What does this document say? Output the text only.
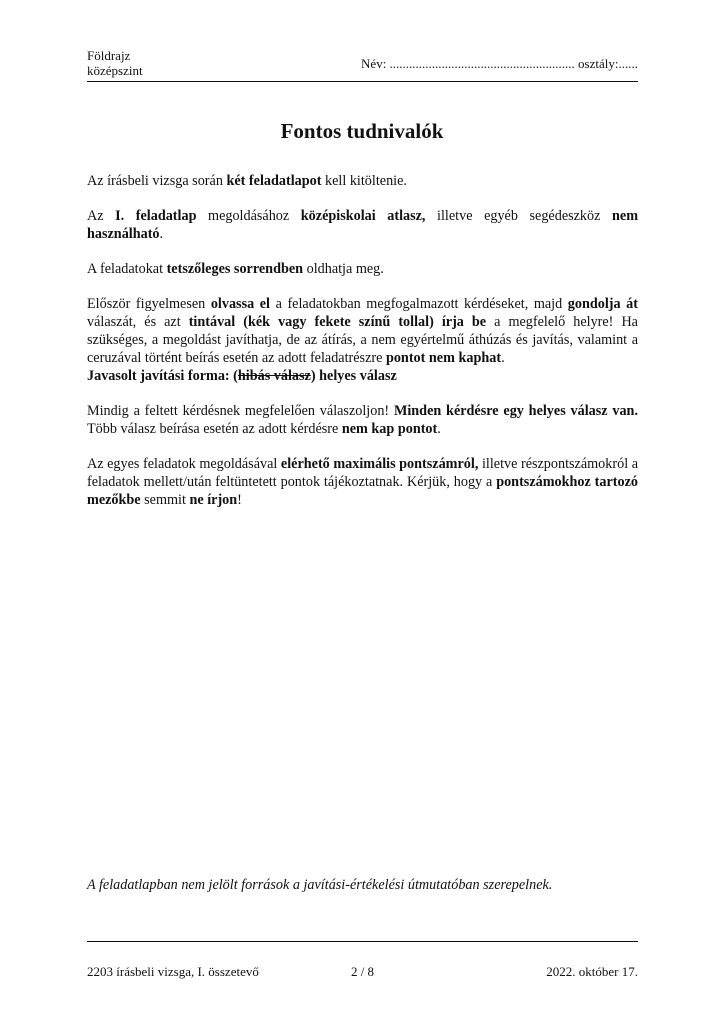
Földrajz
középszint	Név: ......................................................... osztály:......
Fontos tudnivalók

Az írásbeli vizsga során két feladatlapot kell kitöltenie.

Az I. feladatlap megoldásához középiskolai atlasz, illetve egyéb segédeszköz nem használható.

A feladatokat tetszőleges sorrendben oldhatja meg.

Először figyelmesen olvassa el a feladatokban megfogalmazott kérdéseket, majd gondolja át válaszát, és azt tintával (kék vagy fekete színű tollal) írja be a megfelelő helyre! Ha szükséges, a megoldást javíthatja, de az átírás, a nem egyértelmű áthúzás és javítás, valamint a ceruzával történt beírás esetén az adott feladatrészre pontot nem kaphat.
Javasolt javítási forma: (hibás válasz) helyes válasz

Mindig a feltett kérdésnek megfelelően válaszoljon! Minden kérdésre egy helyes válasz van. Több válasz beírása esetén az adott kérdésre nem kap pontot.

Az egyes feladatok megoldásával elérhető maximális pontszámról, illetve részpontszámokról a feladatok mellett/után feltüntetett pontok tájékoztatnak. Kérjük, hogy a pontszámokhoz tartozó mezőkbe semmit ne írjon!

A feladatlapban nem jelölt források a javítási-értékelési útmutatóban szerepelnek.
2203 írásbeli vizsga, I. összetevő	2 / 8	2022. október 17.
